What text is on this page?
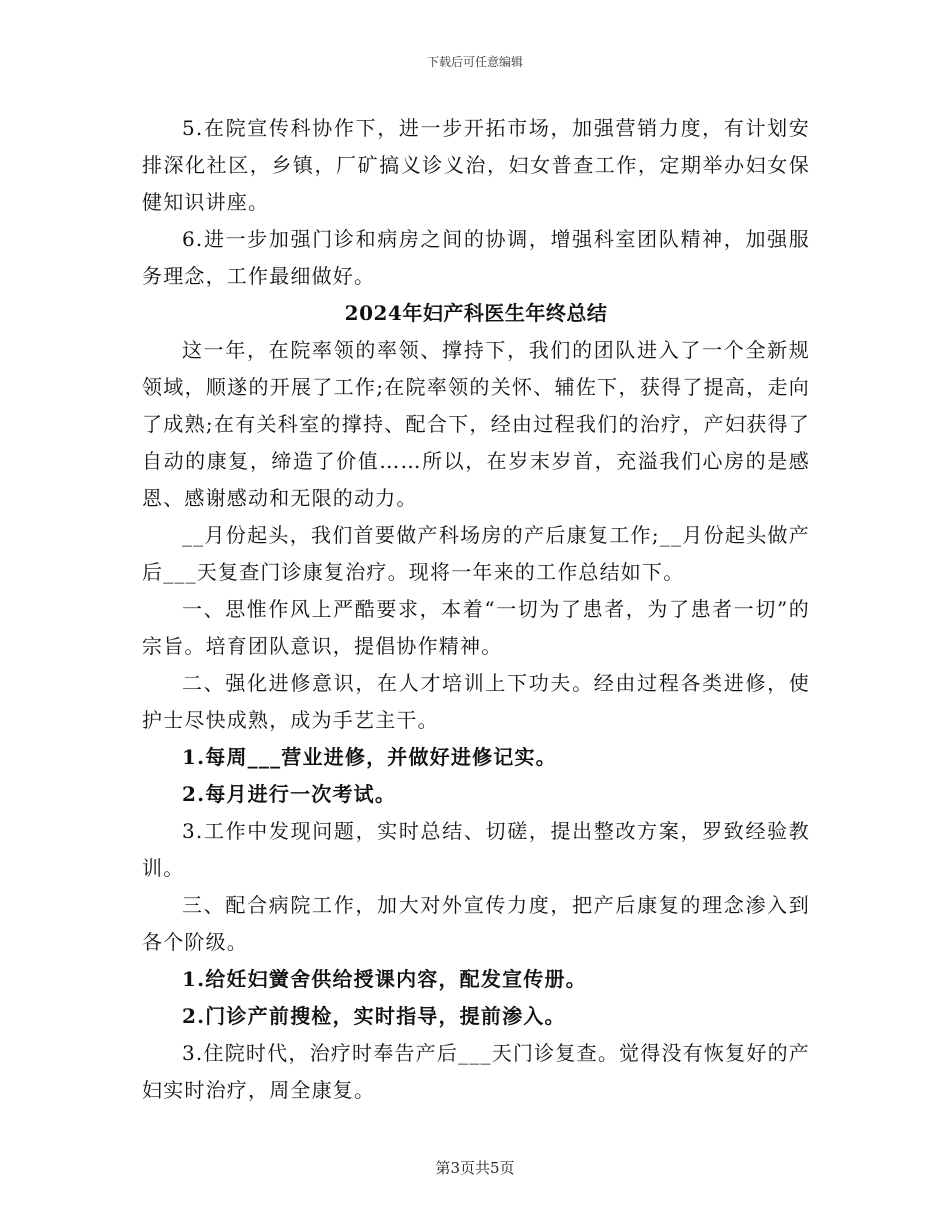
下载后可任意编辑

5.在院宣传科协作下，进一步开拓市场，加强营销力度，有计划安排深化社区，乡镇，厂矿搞义诊义治，妇女普查工作，定期举办妇女保健知识讲座。

6.进一步加强门诊和病房之间的协调，增强科室团队精神，加强服务理念，工作最细做好。

2024年妇产科医生年终总结

这一年，在院率领的率领、撑持下，我们的团队进入了一个全新规领域，顺遂的开展了工作;在院率领的关怀、辅佐下，获得了提高，走向了成熟;在有关科室的撑持、配合下，经由过程我们的治疗，产妇获得了自动的康复，缔造了价值……所以，在岁末岁首，充溢我们心房的是感恩、感谢感动和无限的动力。

__月份起头，我们首要做产科场房的产后康复工作;__月份起头做产后___天复查门诊康复治疗。现将一年来的工作总结如下。

一、思惟作风上严酷要求，本着“一切为了患者，为了患者一切”的宗旨。培育团队意识，提倡协作精神。

二、强化进修意识，在人才培训上下功夫。经由过程各类进修，使护士尽快成熟，成为手艺主干。

1.每周___营业进修，并做好进修记实。

2.每月进行一次考试。

3.工作中发现问题，实时总结、切磋，提出整改方案，罗致经验教训。

三、配合病院工作，加大对外宣传力度，把产后康复的理念渗入到各个阶级。

1.给妊妇黉舍供给授课内容，配发宣传册。

2.门诊产前搜检，实时指导，提前渗入。

3.住院时代，治疗时奉告产后___天门诊复查。觉得没有恢复好的产妇实时治疗，周全康复。

第3页共5页
